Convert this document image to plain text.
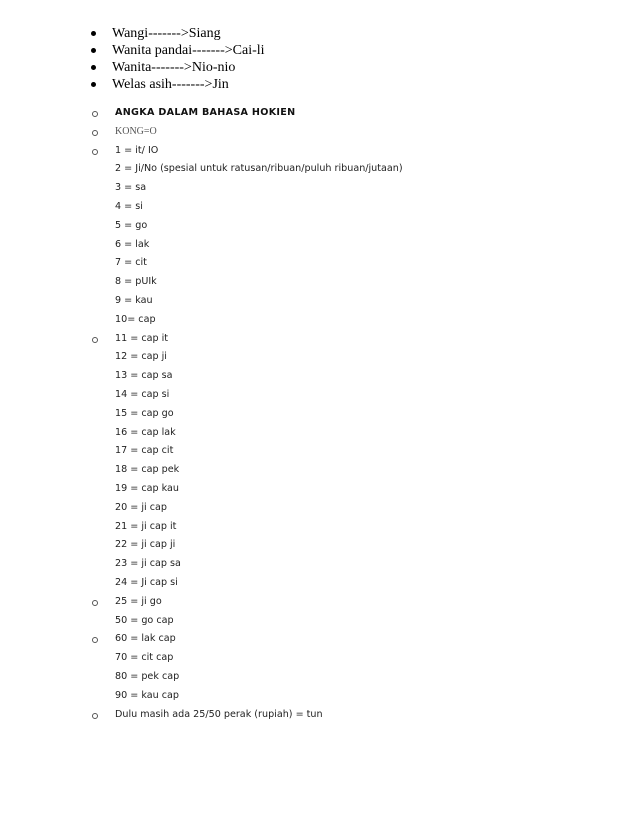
Wangi------->Siang
Wanita pandai------->Cai-li
Wanita------->Nio-nio
Welas asih------->Jin
ANGKA DALAM BAHASA HOKIEN
KONG=O
1 = it/ IO
2 = Ji/No (spesial untuk ratusan/ribuan/puluh ribuan/jutaan)
3 = sa
4 = si
5 = go
6 = lak
7 = cit
8 = pUIk
9 = kau
10= cap
11 = cap it
12 = cap ji
13 = cap sa
14 = cap si
15 = cap go
16 = cap lak
17 = cap cit
18 = cap pek
19 = cap kau
20 = ji cap
21 = ji cap it
22 = ji cap ji
23 = ji cap sa
24 = Ji cap si
25 = ji go
50 = go cap
60 = lak cap
70 = cit cap
80 = pek cap
90 = kau cap
Dulu masih ada 25/50 perak (rupiah) = tun
